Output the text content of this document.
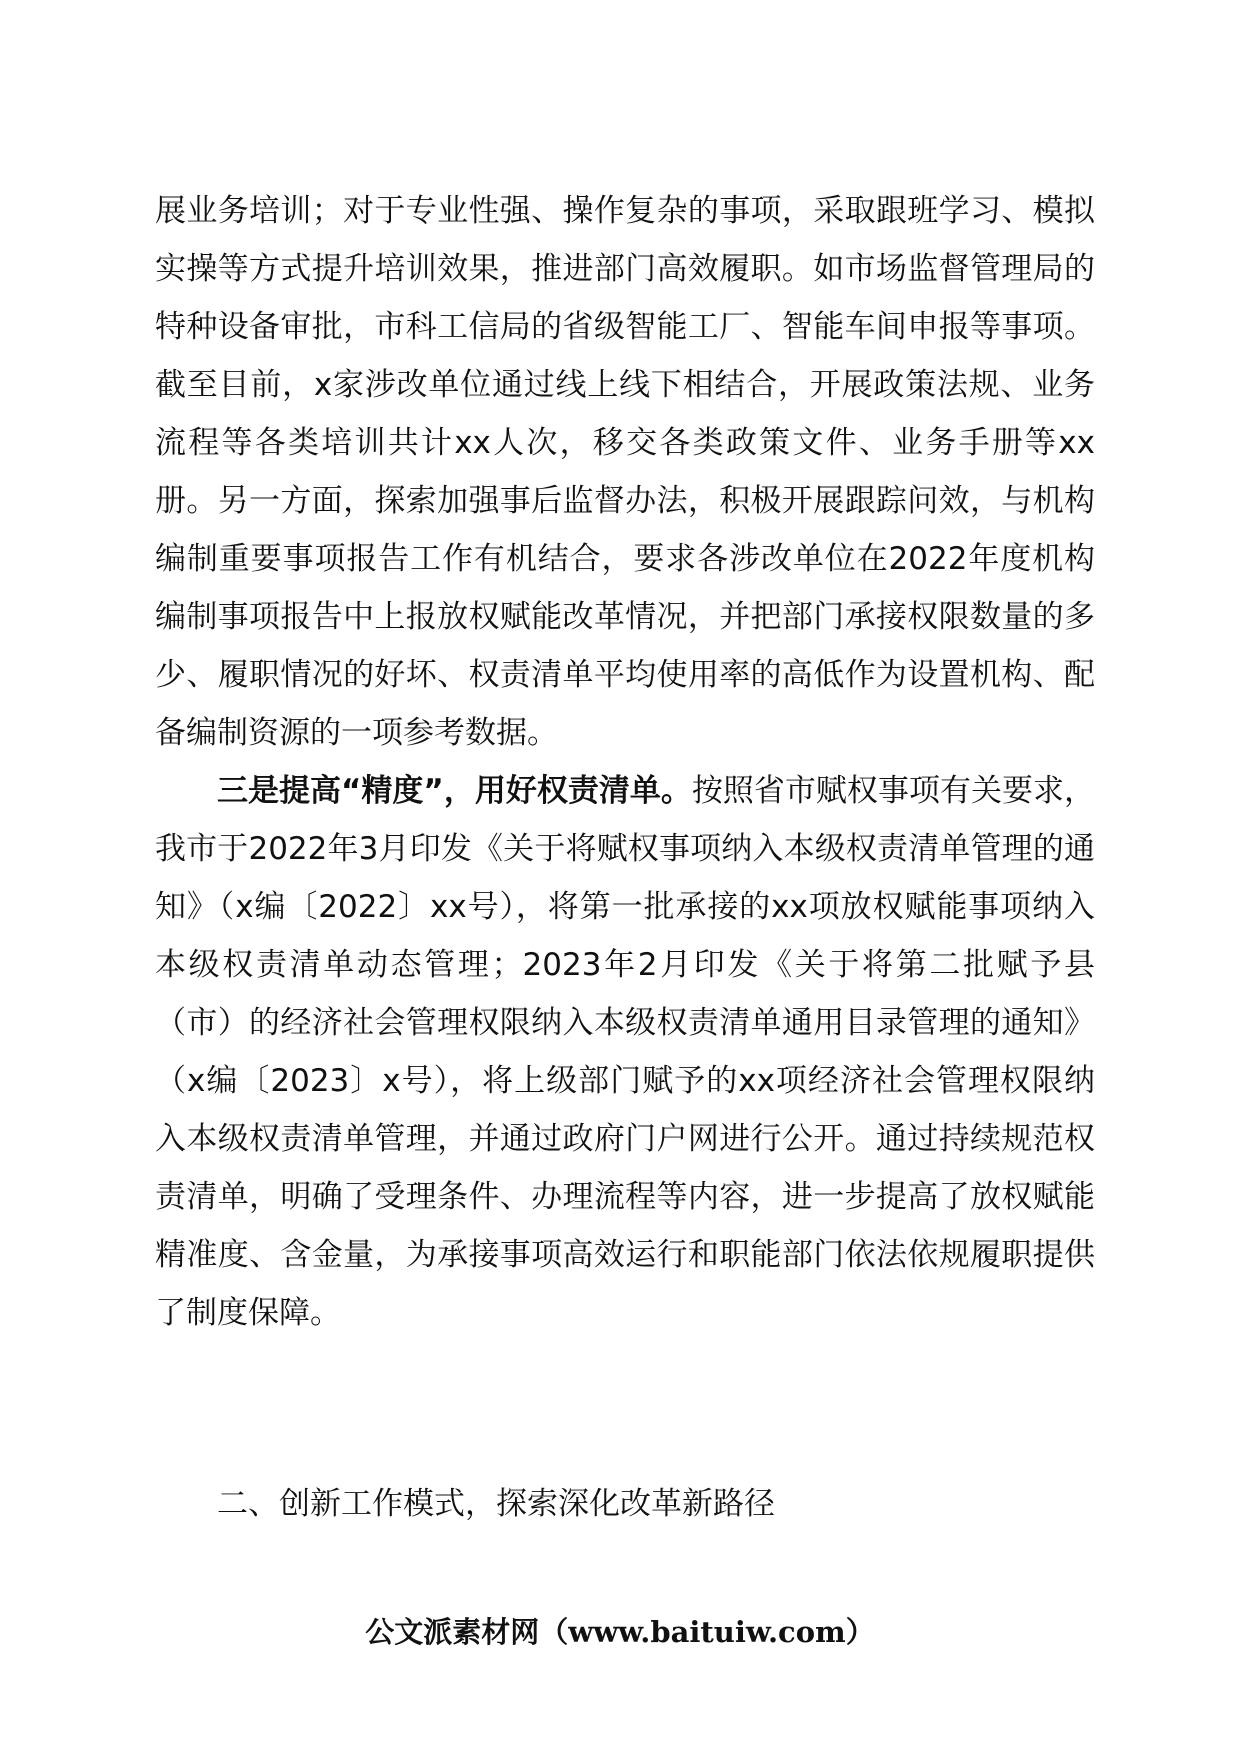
展业务培训；对于专业性强、操作复杂的事项，采取跟班学习、模拟实操等方式提升培训效果，推进部门高效履职。如市场监督管理局的特种设备审批，市科工信局的省级智能工厂、智能车间申报等事项。截至目前，x家涉改单位通过线上线下相结合，开展政策法规、业务流程等各类培训共计xx人次，移交各类政策文件、业务手册等xx册。另一方面，探索加强事后监督办法，积极开展跟踪问效，与机构编制重要事项报告工作有机结合，要求各涉改单位在2022年度机构编制事项报告中上报放权赋能改革情况，并把部门承接权限数量的多少、履职情况的好坏、权责清单平均使用率的高低作为设置机构、配备编制资源的一项参考数据。

三是提高“精度”，用好权责清单。按照省市赋权事项有关要求，我市于2022年3月印发《关于将赋权事项纳入本级权责清单管理的通知》（x编〔2022〕xx号），将第一批承接的xx项放权赋能事项纳入本级权责清单动态管理；2023年2月印发《关于将第二批赋予县（市）的经济社会管理权限纳入本级权责清单通用目录管理的通知》（x编〔2023〕x号），将上级部门赋予的xx项经济社会管理权限纳入本级权责清单管理，并通过政府门户网进行公开。通过持续规范权责清单，明确了受理条件、办理流程等内容，进一步提高了放权赋能精准度、含金量，为承接事项高效运行和职能部门依法依规履职提供了制度保障。

二、创新工作模式，探索深化改革新路径
公文派素材网（www.baituiw.com）
